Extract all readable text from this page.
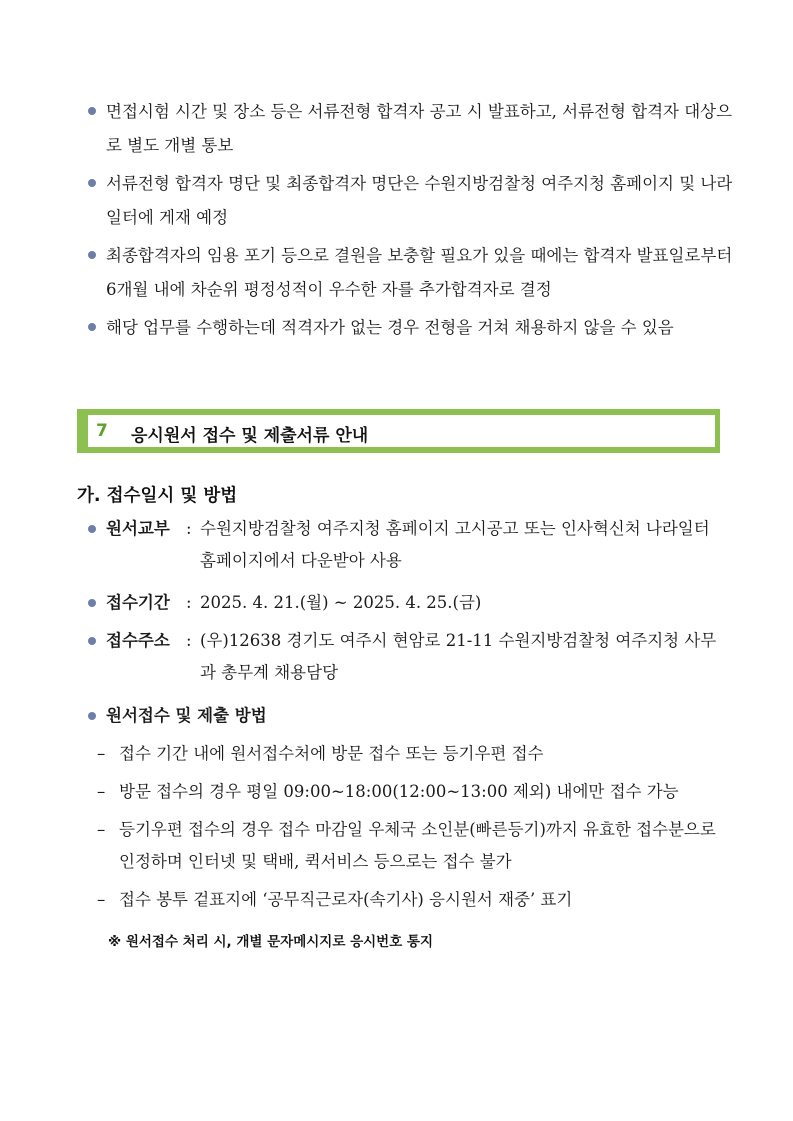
면접시험 시간 및 장소 등은 서류전형 합격자 공고 시 발표하고, 서류전형 합격자 대상으로 별도 개별 통보
서류전형 합격자 명단 및 최종합격자 명단은 수원지방검찰청 여주지청 홈페이지 및 나라일터에 게재 예정
최종합격자의 임용 포기 등으로 결원을 보충할 필요가 있을 때에는 합격자 발표일로부터 6개월 내에 차순위 평정성적이 우수한 자를 추가합격자로 결정
해당 업무를 수행하는데 적격자가 없는 경우 전형을 거쳐 채용하지 않을 수 있음
7 응시원서 접수 및 제출서류 안내
가. 접수일시 및 방법
원서교부 : 수원지방검찰청 여주지청 홈페이지 고시공고 또는 인사혁신처 나라일터 홈페이지에서 다운받아 사용
접수기간 : 2025. 4. 21.(월) ~ 2025. 4. 25.(금)
접수주소 : (우)12638 경기도 여주시 현암로 21-11 수원지방검찰청 여주지청 사무과 총무계 채용담당
원서접수 및 제출 방법
– 접수 기간 내에 원서접수처에 방문 접수 또는 등기우편 접수
– 방문 접수의 경우 평일 09:00~18:00(12:00~13:00 제외) 내에만 접수 가능
– 등기우편 접수의 경우 접수 마감일 우체국 소인분(빠른등기)까지 유효한 접수분으로 인정하며 인터넷 및 택배, 퀵서비스 등으로는 접수 불가
– 접수 봉투 겉표지에 ‘공무직근로자(속기사) 응시원서 재중’ 표기
※ 원서접수 처리 시, 개별 문자메시지로 응시번호 통지
